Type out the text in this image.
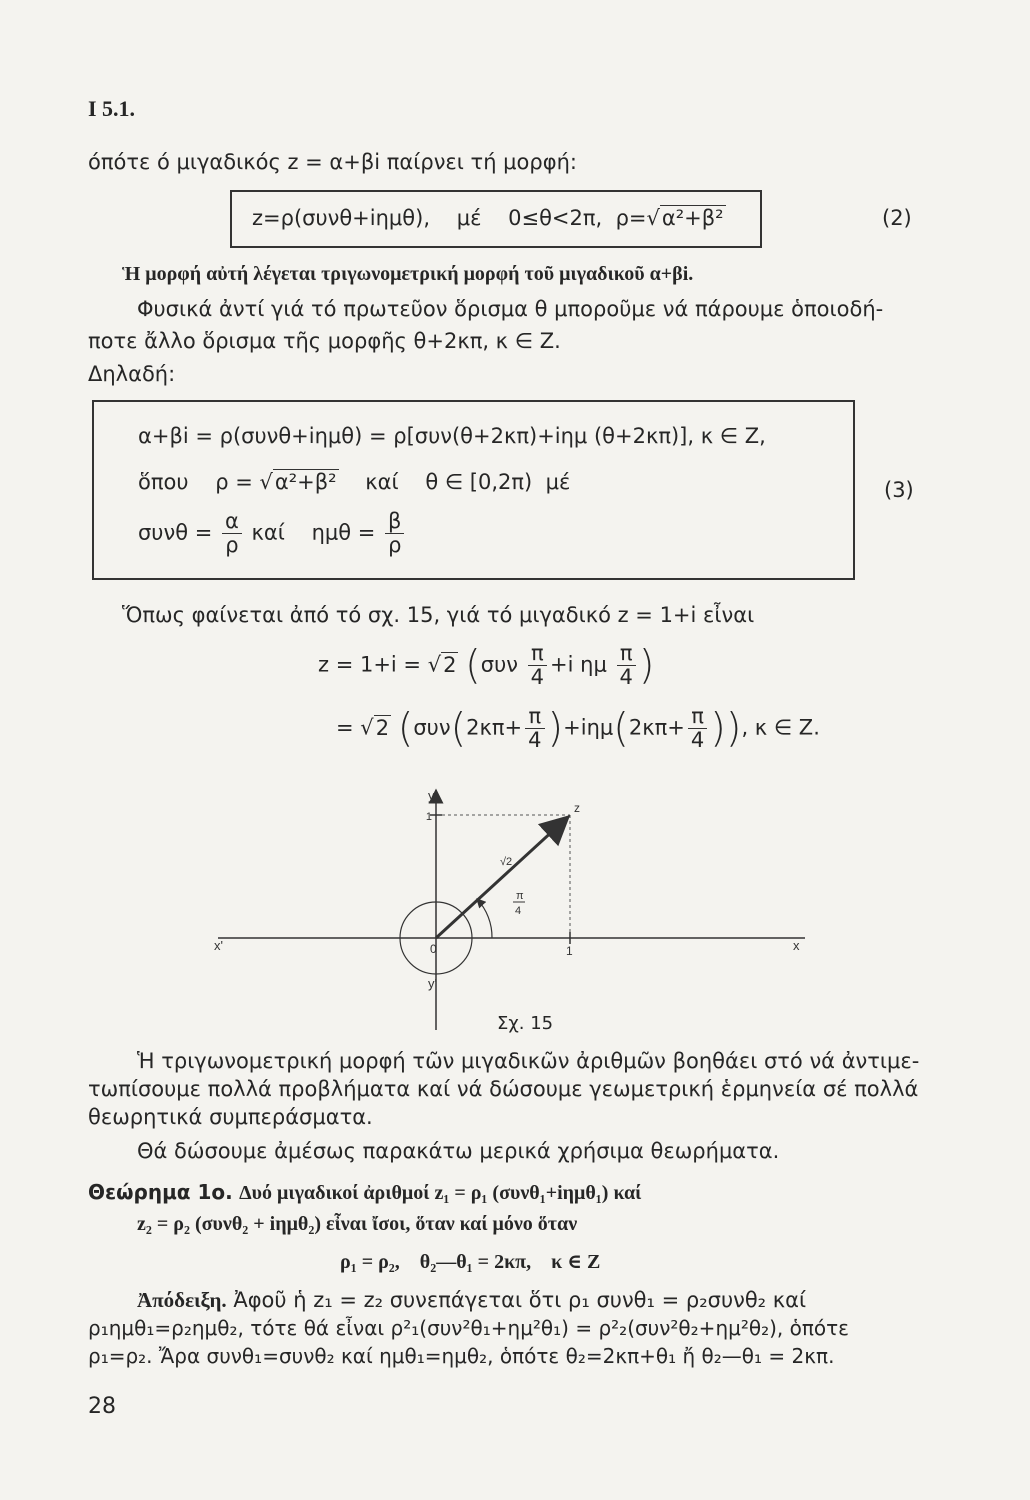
I 5.1.
όπότε ό μιγαδικός z = α+βi παίρνει τή μορφή:
z=ρ(συνθ+iημθ), μέ 0≤θ<2π, ρ=√α²+β²	(2)
Ἡ μορφή αὐτή λέγεται τριγωνομετρική μορφή τοῦ μιγαδικοῦ α+βi.
Φυσικά ἀντί γιά τό πρωτεῦον ὅρισμα θ μποροῦμε νά πάρουμε ὁποιοδή-
ποτε ἄλλο ὅρισμα τῆς μορφῆς θ+2κπ, κ ∈ Z.
Δηλαδή:
α+βi = ρ(συνθ+iημθ) = ρ[συν(θ+2κπ)+iημ (θ+2κπ)], κ ∈ Z,
ὅπου ρ = √α²+β² καί θ ∈ [0,2π) μέ
$\sigma\upsilon\nu\theta = \frac{\alpha}{\rho}$ καί $\eta\mu\theta = \frac{\beta}{\rho}$
(3)
Ὅπως φαίνεται ἀπό τό σχ. 15, γιά τό μιγαδικό z = 1+i εἶναι
z = 1+i = √2 ($\sigma\upsilon\nu \frac{\pi}{4} +i$ ημ $\frac{\pi}{4}$ )
= √2 ($\sigma\upsilon\nu(2\kappa\pi+ \frac{\pi}{4} )+i\eta\mu(2\kappa\pi+ \frac{\pi}{4}$ )), κ ∈ Z.
y
y'
x
x'
1
1
0
z
√2
π
4
Σχ. 15
Ἡ τριγωνομετρική μορφή τῶν μιγαδικῶν ἀριθμῶν βοηθάει στό νά ἀντιμε-
τωπίσουμε πολλά προβλήματα καί νά δώσουμε γεωμετρική ἑρμηνεία σέ πολλά
θεωρητικά συμπεράσματα.
Θά δώσουμε ἀμέσως παρακάτω μερικά χρήσιμα θεωρήματα.
Θεώρημα 1ο. Δυό μιγαδικοί ἀριθμοί z₁ = ρ₁ (συνθ₁+iημθ₁) καί
z₂ = ρ₂ (συνθ₂ + iημθ₂) εἶναι ἴσοι, ὅταν καί μόνο ὅταν
ρ₁ = ρ₂,    θ₂—θ₁ = 2κπ,    κ ∈ Z
Ἀπόδειξη. Ἀφοῦ ἡ z₁ = z₂ συνεπάγεται ὅτι ρ₁ συνθ₁ = ρ₂συνθ₂ καί
ρ₁ημθ₁=ρ₂ημθ₂, τότε θά εἶναι ρ²₁(συν²θ₁+ημ²θ₁) = ρ²₂(συν²θ₂+ημ²θ₂), ὁπότε
ρ₁=ρ₂. Ἄρα συνθ₁=συνθ₂ καί ημθ₁=ημθ₂, ὁπότε θ₂=2κπ+θ₁ ἤ θ₂—θ₁ = 2κπ.
28
